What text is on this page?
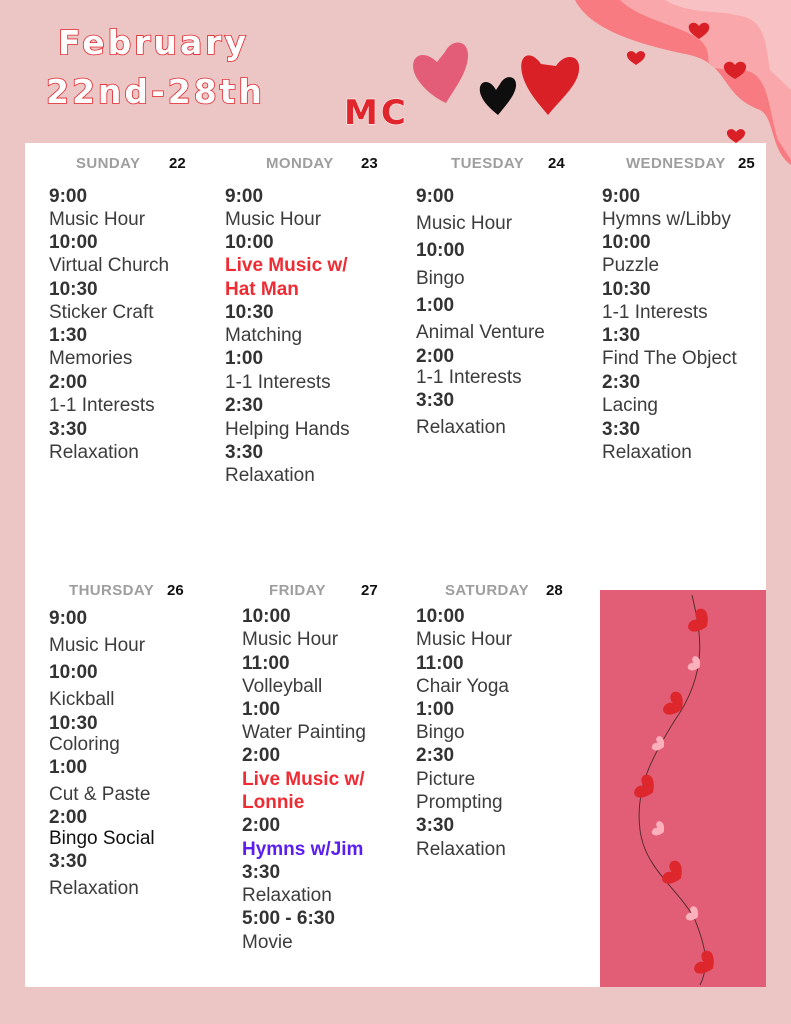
February
22nd-28th
MC
SUNDAY 22
9:00
Music Hour
10:00
Virtual Church
10:30
Sticker Craft
1:30
Memories
2:00
1-1 Interests
3:30
Relaxation
MONDAY 23
9:00
Music Hour
10:00
Live Music w/
Hat Man
10:30
Matching
1:00
1-1 Interests
2:30
Helping Hands
3:30
Relaxation
TUESDAY 24
9:00
Music Hour
10:00
Bingo
1:00
Animal Venture
2:00
1-1 Interests
3:30
Relaxation
WEDNESDAY 25
9:00
Hymns w/Libby
10:00
Puzzle
10:30
1-1 Interests
1:30
Find The Object
2:30
Lacing
3:30
Relaxation
THURSDAY 26
9:00
Music Hour
10:00
Kickball
10:30
Coloring
1:00
Cut & Paste
2:00
Bingo Social
3:30
Relaxation
FRIDAY 27
10:00
Music Hour
11:00
Volleyball
1:00
Water Painting
2:00
Live Music w/
Lonnie
2:00
Hymns w/Jim
3:30
Relaxation
5:00 - 6:30
Movie
SATURDAY 28
10:00
Music Hour
11:00
Chair Yoga
1:00
Bingo
2:30
Picture
Prompting
3:30
Relaxation
